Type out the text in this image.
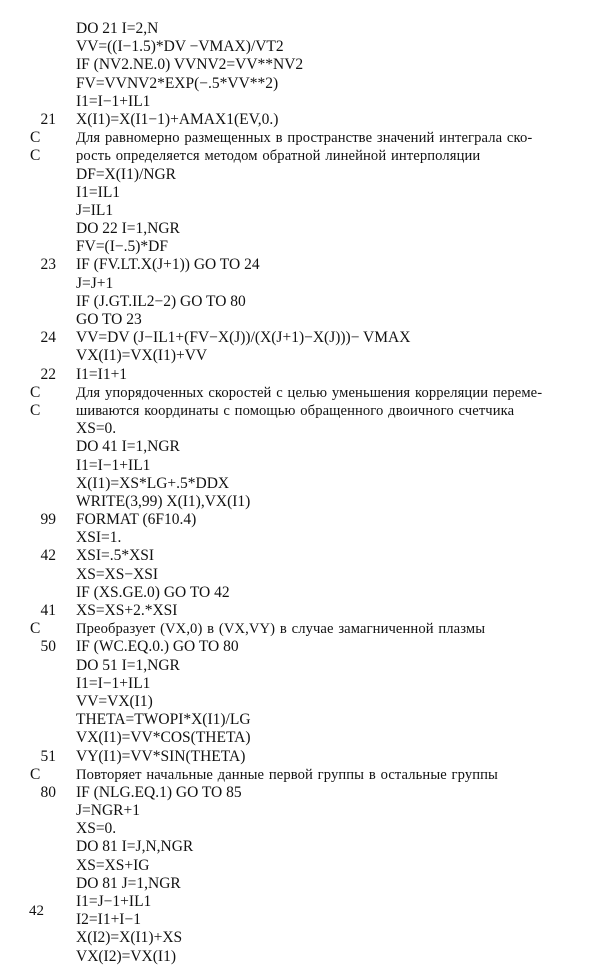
DO 21 I=2,N
VV=((I−1.5)*DV −VMAX)/VT2
IF (NV2.NE.0) VVNV2=VV**NV2
FV=VVNV2*EXP(−.5*VV**2)
I1=I−1+IL1
21 X(I1)=X(I1−1)+AMAX1(EV,0.)
C	Для равномерно размещенных в пространстве значений интеграла ско-
C	рость определяется методом обратной линейной интерполяции
DF=X(I1)/NGR
I1=IL1
J=IL1
DO 22 I=1,NGR
FV=(I−.5)*DF
23 IF (FV.LT.X(J+1)) GO TO 24
J=J+1
IF (J.GT.IL2−2) GO TO 80
GO TO 23
24 VV=DV (J−IL1+(FV−X(J))/(X(J+1)−X(J)))− VMAX
VX(I1)=VX(I1)+VV
22 I1=I1+1
C	Для упорядоченных скоростей с целью уменьшения корреляции переме-
C	шиваются координаты с помощью обращенного двоичного счетчика
XS=0.
DO 41 I=1,NGR
I1=I−1+IL1
X(I1)=XS*LG+.5*DDX
WRITE(3,99) X(I1),VX(I1)
99 FORMAT (6F10.4)
XSI=1.
42 XSI=.5*XSI
XS=XS−XSI
IF (XS.GE.0) GO TO 42
41 XS=XS+2.*XSI
C	Преобразует (VX,0) в (VX,VY) в случае замагниченной плазмы
50 IF (WC.EQ.0.) GO TO 80
DO 51 I=1,NGR
I1=I−1+IL1
VV=VX(I1)
THETA=TWOPI*X(I1)/LG
VX(I1)=VV*COS(THETA)
51 VY(I1)=VV*SIN(THETA)
C	Повторяет начальные данные первой группы в остальные группы
80 IF (NLG.EQ.1) GO TO 85
J=NGR+1
XS=0.
DO 81 I=J,N,NGR
XS=XS+IG
DO 81 J=1,NGR
I1=J−1+IL1
I2=I1+I−1
X(I2)=X(I1)+XS
VX(I2)=VX(I1)
42
